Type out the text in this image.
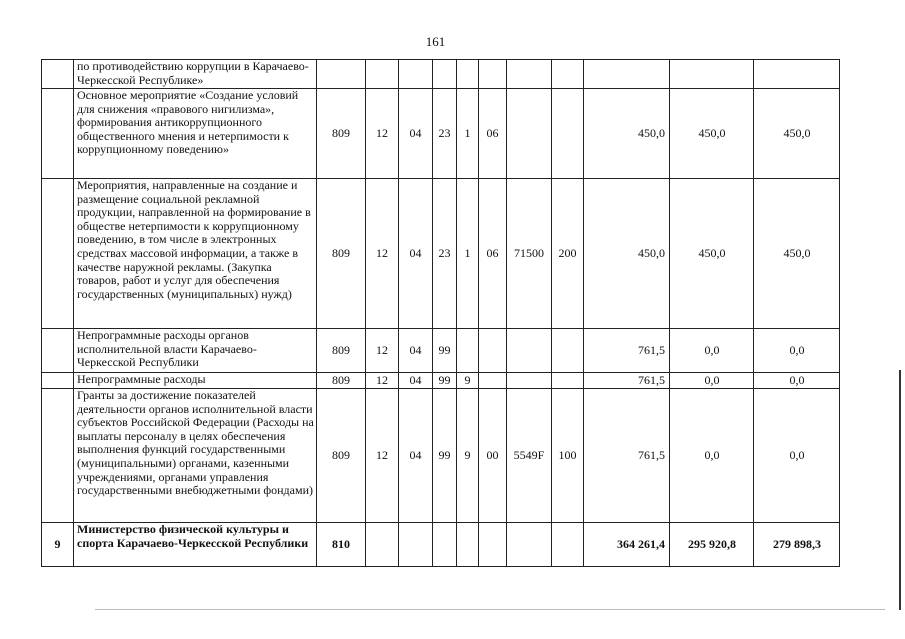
161
	по противодействию коррупции в Карачаево-Черкесской Республике»											
	Основное мероприятие «Создание условий для снижения «правового нигилизма», формирования антикоррупционного общественного мнения и нетерпимости к коррупционному поведению»	809	12	04	23	1	06			450,0	450,0	450,0
	Мероприятия, направленные на создание и размещение социальной рекламной продукции, направленной на формирование в обществе нетерпимости к коррупционному поведению, в том числе в электронных средствах массовой информации, а также в качестве наружной рекламы. (Закупка товаров, работ и услуг для обеспечения государственных (муниципальных) нужд)	809	12	04	23	1	06	71500	200	450,0	450,0	450,0
	Непрограммные расходы органов исполнительной власти Карачаево-Черкесской Республики	809	12	04	99					761,5	0,0	0,0
	Непрограммные расходы	809	12	04	99	9				761,5	0,0	0,0
	Гранты за достижение показателей деятельности органов исполнительной власти субъектов Российской Федерации (Расходы на выплаты персоналу в целях обеспечения выполнения функций государственными (муниципальными) органами, казенными учреждениями, органами управления государственными внебюджетными фондами)	809	12	04	99	9	00	5549F	100	761,5	0,0	0,0
9	Министерство физической культуры и спорта Карачаево-Черкесской Республики	810								364 261,4	295 920,8	279 898,3
